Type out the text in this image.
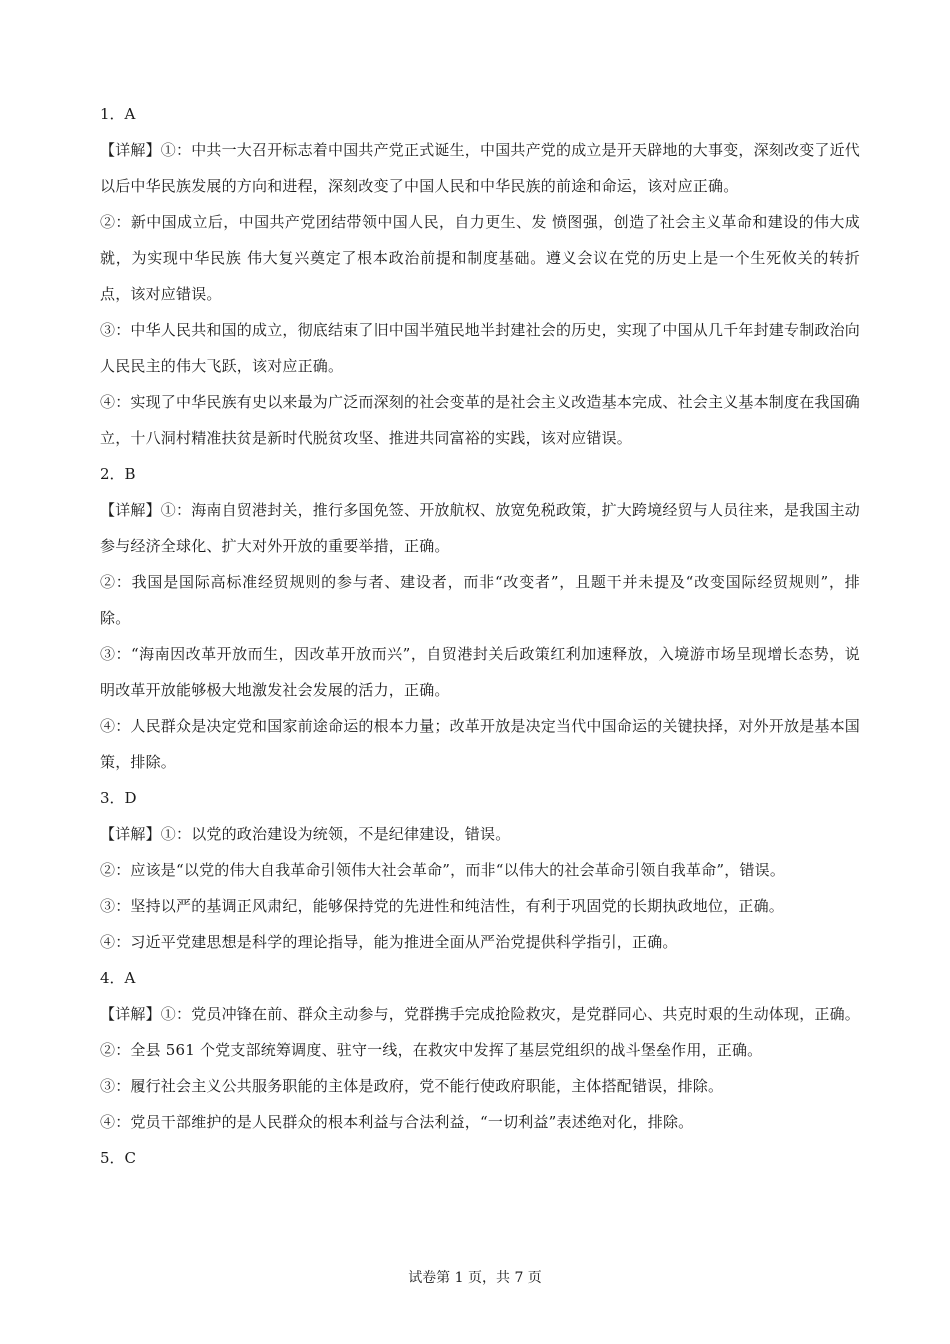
1．A

【详解】①：中共一大召开标志着中国共产党正式诞生，中国共产党的成立是开天辟地的大事变，深刻改变了近代以后中华民族发展的方向和进程，深刻改变了中国人民和中华民族的前途和命运，该对应正确。

②：新中国成立后，中国共产党团结带领中国人民，自力更生、发 愤图强，创造了社会主义革命和建设的伟大成就，为实现中华民族 伟大复兴奠定了根本政治前提和制度基础。遵义会议在党的历史上是一个生死攸关的转折点，该对应错误。

③：中华人民共和国的成立，彻底结束了旧中国半殖民地半封建社会的历史，实现了中国从几千年封建专制政治向人民民主的伟大飞跃，该对应正确。

④：实现了中华民族有史以来最为广泛而深刻的社会变革的是社会主义改造基本完成、社会主义基本制度在我国确立，十八洞村精准扶贫是新时代脱贫攻坚、推进共同富裕的实践，该对应错误。

2．B

【详解】①：海南自贸港封关，推行多国免签、开放航权、放宽免税政策，扩大跨境经贸与人员往来，是我国主动参与经济全球化、扩大对外开放的重要举措，正确。

②：我国是国际高标准经贸规则的参与者、建设者，而非“改变者”，且题干并未提及“改变国际经贸规则”，排除。

③：“海南因改革开放而生，因改革开放而兴”，自贸港封关后政策红利加速释放，入境游市场呈现增长态势，说明改革开放能够极大地激发社会发展的活力，正确。

④：人民群众是决定党和国家前途命运的根本力量；改革开放是决定当代中国命运的关键抉择，对外开放是基本国策，排除。

3．D

【详解】①：以党的政治建设为统领，不是纪律建设，错误。

②：应该是“以党的伟大自我革命引领伟大社会革命”，而非“以伟大的社会革命引领自我革命”，错误。

③：坚持以严的基调正风肃纪，能够保持党的先进性和纯洁性，有利于巩固党的长期执政地位，正确。

④：习近平党建思想是科学的理论指导，能为推进全面从严治党提供科学指引，正确。

4．A

【详解】①：党员冲锋在前、群众主动参与，党群携手完成抢险救灾，是党群同心、共克时艰的生动体现，正确。

②：全县 561 个党支部统筹调度、驻守一线，在救灾中发挥了基层党组织的战斗堡垒作用，正确。

③：履行社会主义公共服务职能的主体是政府，党不能行使政府职能，主体搭配错误，排除。

④：党员干部维护的是人民群众的根本利益与合法利益，“一切利益”表述绝对化，排除。

5．C
试卷第 1 页，共 7 页
